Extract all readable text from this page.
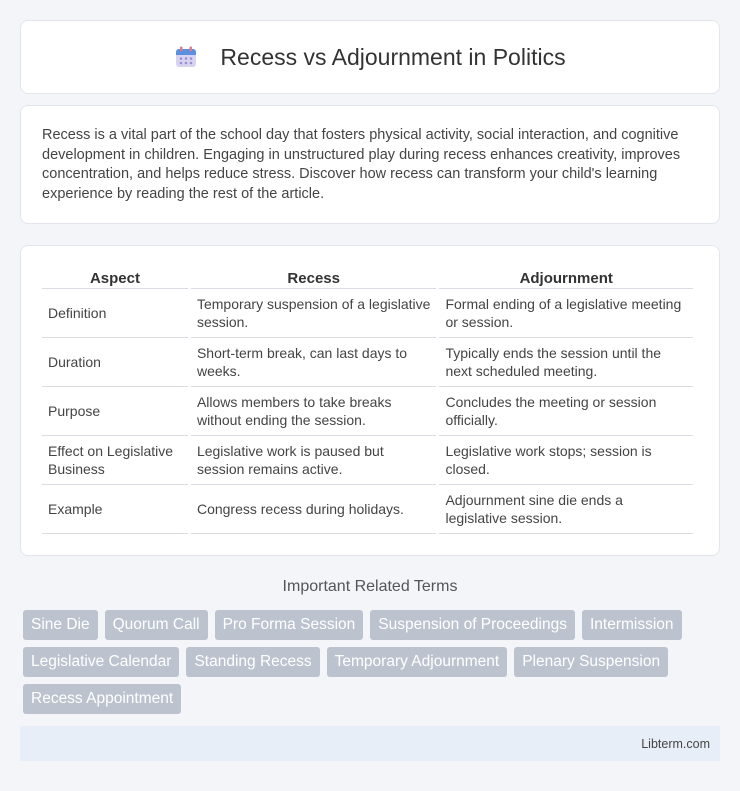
Recess vs Adjournment in Politics
Recess is a vital part of the school day that fosters physical activity, social interaction, and cognitive development in children. Engaging in unstructured play during recess enhances creativity, improves concentration, and helps reduce stress. Discover how recess can transform your child's learning experience by reading the rest of the article.
Aspect	Recess	Adjournment
Definition	Temporary suspension of a legislative session.	Formal ending of a legislative meeting or session.
Duration	Short-term break, can last days to weeks.	Typically ends the session until the next scheduled meeting.
Purpose	Allows members to take breaks without ending the session.	Concludes the meeting or session officially.
Effect on Legislative Business	Legislative work is paused but session remains active.	Legislative work stops; session is closed.
Example	Congress recess during holidays.	Adjournment sine die ends a legislative session.
Important Related Terms
Sine Die	Quorum Call	Pro Forma Session	Suspension of Proceedings	Intermission
Legislative Calendar	Standing Recess	Temporary Adjournment	Plenary Suspension
Recess Appointment
Libterm.com
